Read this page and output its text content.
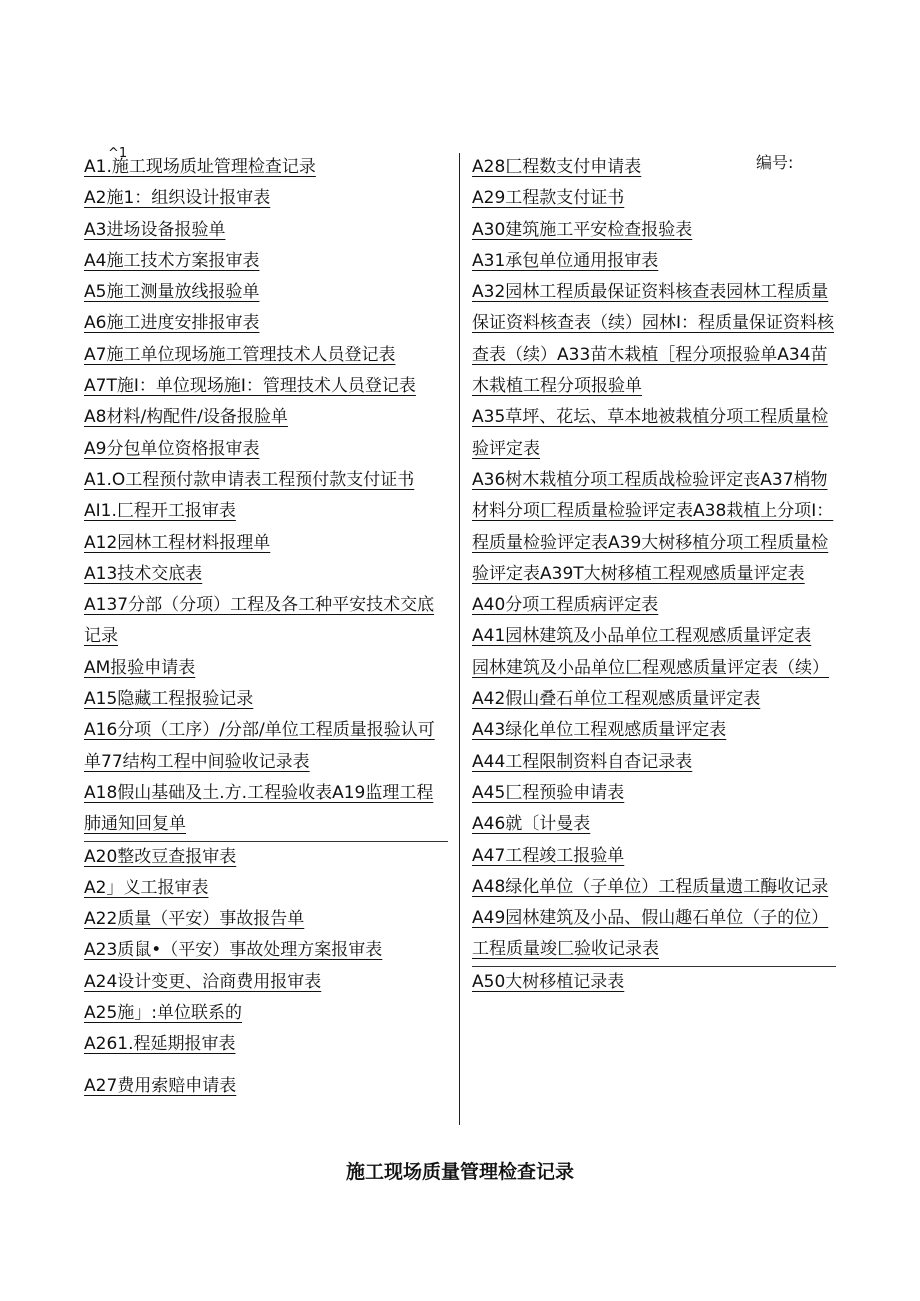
^1	编号:
A1.施工现场质址管理检查记录
A2施1：组织设计报审表
A3进场设备报验单
A4施工技术方案报审表
A5施工测量放线报验单
A6施工进度安排报审表
A7施工单位现场施工管理技术人员登记表
A7T施I：单位现场施I：管理技术人员登记表
A8材料/构配件/设备报脸单
A9分包单位资格报审表
A1.O工程预付款申请表工程预付款支付证书
AI1.匚程开工报审表
A12园林工程材料报理单
A13技术交底表
A137分部（分项）工程及各工种平安技术交底记录
AM报验申请表
A15隐藏工程报验记录
A16分项（工序）/分部/单位工程质量报验认可单77结构工程中间验收记录表
A18假山基础及土.方.工程验收表A19监理工程肺通知回复单
A20整改豆查报审表
A2」义工报审表
A22质量（平安）事故报告单
A23质鼠•（平安）事故处理方案报审表
A24设计变更、洽商费用报审表
A25施」:单位联系的
A261.程延期报审表
A27费用索赔申请表
A28匚程数支付申请表
A29工程款支付证书
A30建筑施工平安检查报验表
A31承包单位通用报审表
A32园林工程质最保证资料核查表园林工程质量保证资料核查表（续）园林I：程质量保证资料核查表（续）A33苗木栽植［程分项报验单A34苗木栽植工程分项报验单
A35草坪、花坛、草本地被栽植分项工程质量检验评定表
A36树木栽植分项工程质战检验评定丧A37梢物材料分项匚程质量检验评定表A38栽植上分项I：程质量检验评定表A39大树移植分项工程质量检验评定表A39T大树移植工程观感质量评定表
A40分项工程质病评定表
A41园林建筑及小品单位工程观感质量评定表
园林建筑及小品单位匚程观感质量评定表（续）
A42假山叠石单位工程观感质量评定表
A43绿化单位工程观感质量评定表
A44工程限制资料自杳记录表
A45匚程预验申请表
A46就〔计曼表
A47工程竣工报验单
A48绿化单位（子单位）工程质量遗工酶收记录
A49园林建筑及小品、假山趣石单位（子的位）工程质量竣匚验收记录表
A50大树移植记录表
施工现场质量管理检查记录
